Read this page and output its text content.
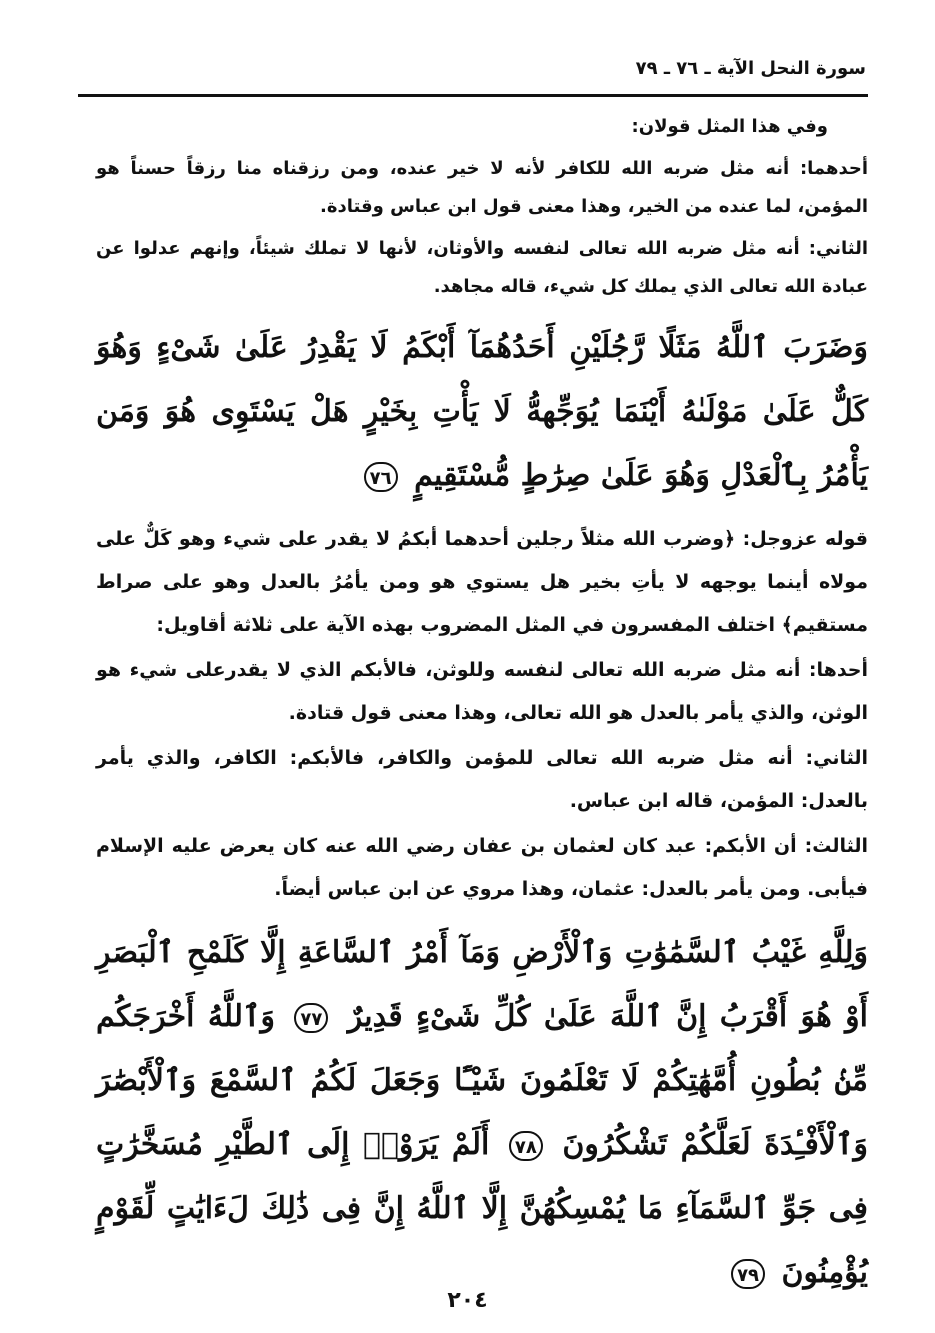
سورة النحل الآية ـ ٧٦ ـ ٧٩

وفي هذا المثل قولان:

أحدهما: أنه مثل ضربه الله للكافر لأنه لا خير عنده، ومن رزقناه منا رزقاً حسناً هو المؤمن، لما عنده من الخير، وهذا معنى قول ابن عباس وقتادة.

الثاني: أنه مثل ضربه الله تعالى لنفسه والأوثان، لأنها لا تملك شيئاً، وإنهم عدلوا عن عبادة الله تعالى الذي يملك كل شيء، قاله مجاهد.

وَضَرَبَ ٱللَّهُ مَثَلًا رَّجُلَيْنِ أَحَدُهُمَآ أَبْكَمُ لَا يَقْدِرُ عَلَىٰ شَىْءٍ وَهُوَ كَلٌّ عَلَىٰ مَوْلَىٰهُ أَيْنَمَا يُوَجِّههُّ لَا يَأْتِ بِخَيْرٍ هَلْ يَسْتَوِى هُوَ وَمَن يَأْمُرُ بِٱلْعَدْلِ وَهُوَ عَلَىٰ صِرَٰطٍ مُّسْتَقِيمٍ ٧٦

قوله عزوجل: ﴿وضرب الله مثلاً رجلين أحدهما أبكمُ لا يقدر على شيء وهو كَلٌّ على مولاه أينما يوجهه لا يأتِ بخير هل يستوي هو ومن يأمُرُ بالعدل وهو على صراط مستقيم﴾ اختلف المفسرون في المثل المضروب بهذه الآية على ثلاثة أقاويل:

أحدها: أنه مثل ضربه الله تعالى لنفسه وللوثن، فالأبكم الذي لا يقدرعلى شيء هو الوثن، والذي يأمر بالعدل هو الله تعالى، وهذا معنى قول قتادة.

الثاني: أنه مثل ضربه الله تعالى للمؤمن والكافر، فالأبكم: الكافر، والذي يأمر بالعدل: المؤمن، قاله ابن عباس.

الثالث: أن الأبكم: عبد كان لعثمان بن عفان رضي الله عنه كان يعرض عليه الإسلام فيأبى. ومن يأمر بالعدل: عثمان، وهذا مروي عن ابن عباس أيضاً.

وَلِلَّهِ غَيْبُ ٱلسَّمَٰوَٰتِ وَٱلْأَرْضِ وَمَآ أَمْرُ ٱلسَّاعَةِ إِلَّا كَلَمْحِ ٱلْبَصَرِ أَوْ هُوَ أَقْرَبُ إِنَّ ٱللَّهَ عَلَىٰ كُلِّ شَىْءٍ قَدِيرٌ ٧٧ وَٱللَّهُ أَخْرَجَكُم مِّنۢ بُطُونِ أُمَّهَٰتِكُمْ لَا تَعْلَمُونَ شَيْـًٔا وَجَعَلَ لَكُمُ ٱلسَّمْعَ وَٱلْأَبْصَٰرَ وَٱلْأَفْـِٔدَةَ لَعَلَّكُمْ تَشْكُرُونَ ٧٨ أَلَمْ يَرَوْا۟ إِلَى ٱلطَّيْرِ مُسَخَّرَٰتٍ فِى جَوِّ ٱلسَّمَآءِ مَا يُمْسِكُهُنَّ إِلَّا ٱللَّهُ إِنَّ فِى ذَٰلِكَ لَءَايَٰتٍ لِّقَوْمٍ يُؤْمِنُونَ ٧٩
٢٠٤
